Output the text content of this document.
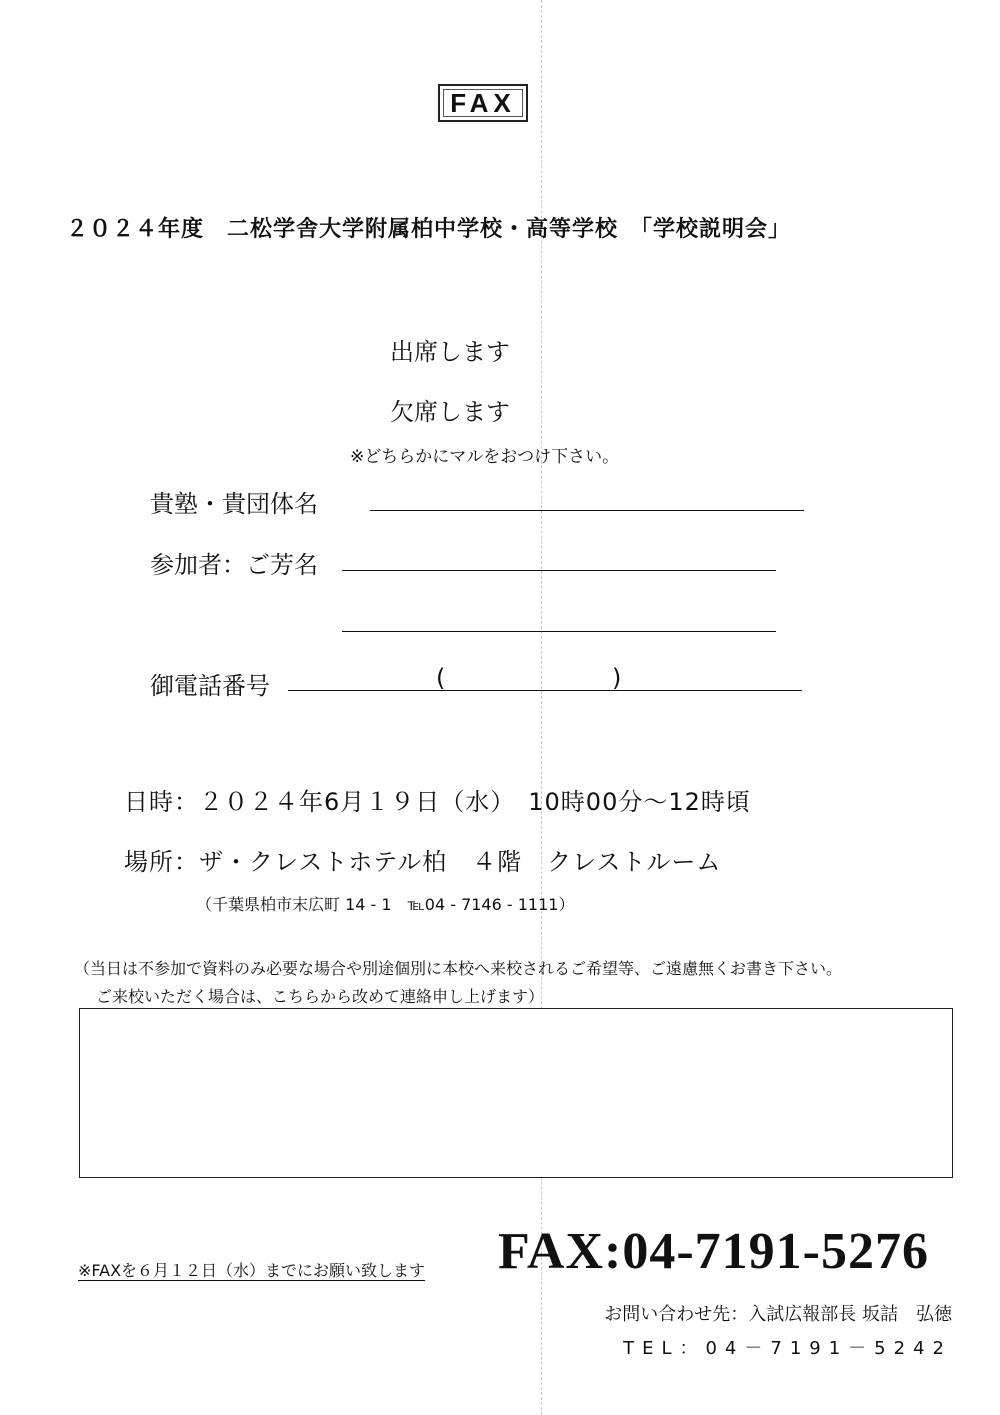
FAX
２０２４年度　二松学舎大学附属柏中学校・高等学校　「学校説明会」
出席します
欠席します
※どちらかにマルをおつけ下さい。
貴塾・貴団体名
参加者：ご芳名
御電話番号	(	)
日時：２０２４年6月１９日（水）　10時00分～12時頃
場所：ザ・クレストホテル柏　４階　クレストルーム
（千葉県柏市末広町 14 - 1　℡04 - 7146 - 1111）
（当日は不参加で資料のみ必要な場合や別途個別に本校へ来校されるご希望等、ご遠慮無くお書き下さい。
ご来校いただく場合は、こちらから改めて連絡申し上げます）
※FAXを６月１２日（水）までにお願い致します FAX:04-7191-5276
お問い合わせ先：入試広報部長 坂詰　弘徳
TEL：04－7191－5242
